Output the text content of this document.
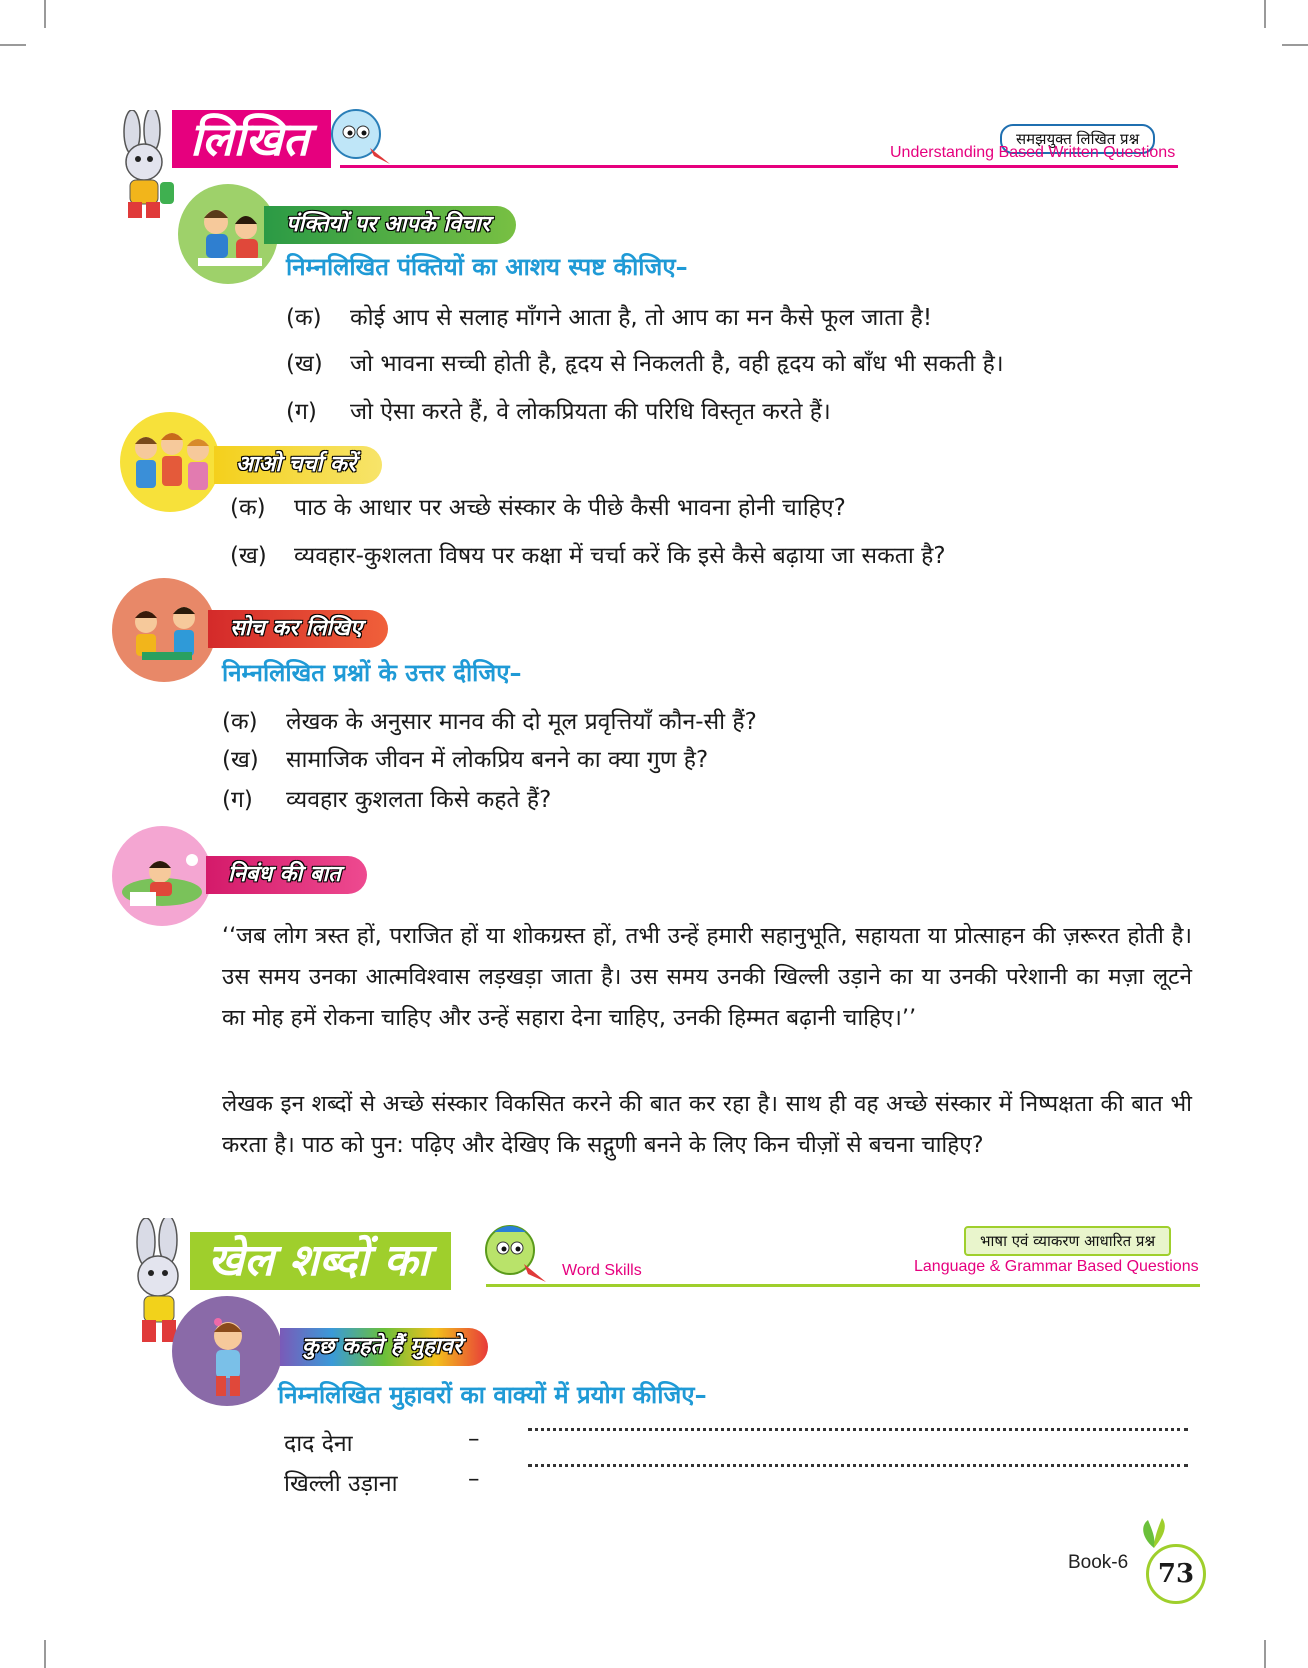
लिखित	समझयुक्त लिखित प्रश्न
Understanding Based Written Questions
पंक्तियों पर आपके विचार
निम्नलिखित पंक्तियों का आशय स्पष्ट कीजिए–
(क) कोई आप से सलाह माँगने आता है, तो आप का मन कैसे फूल जाता है!
(ख) जो भावना सच्ची होती है, हृदय से निकलती है, वही हृदय को बाँध भी सकती है।
(ग) जो ऐसा करते हैं, वे लोकप्रियता की परिधि विस्तृत करते हैं।
आओ चर्चा करें
(क) पाठ के आधार पर अच्छे संस्कार के पीछे कैसी भावना होनी चाहिए?
(ख) व्यवहार-कुशलता विषय पर कक्षा में चर्चा करें कि इसे कैसे बढ़ाया जा सकता है?
सोच कर लिखिए
निम्नलिखित प्रश्नों के उत्तर दीजिए–
(क) लेखक के अनुसार मानव की दो मूल प्रवृत्तियाँ कौन-सी हैं?
(ख) सामाजिक जीवन में लोकप्रिय बनने का क्या गुण है?
(ग) व्यवहार कुशलता किसे कहते हैं?
निबंध की बात
‘‘जब लोग त्रस्त हों, पराजित हों या शोकग्रस्त हों, तभी उन्हें हमारी सहानुभूति, सहायता या प्रोत्साहन की ज़रूरत होती है। उस समय उनका आत्मविश्वास लड़खड़ा जाता है। उस समय उनकी खिल्ली उड़ाने का या उनकी परेशानी का मज़ा लूटने का मोह हमें रोकना चाहिए और उन्हें सहारा देना चाहिए, उनकी हिम्मत बढ़ानी चाहिए।’’
लेखक इन शब्दों से अच्छे संस्कार विकसित करने की बात कर रहा है। साथ ही वह अच्छे संस्कार में निष्पक्षता की बात भी करता है। पाठ को पुन: पढ़िए और देखिए कि सद्गुणी बनने के लिए किन चीज़ों से बचना चाहिए?
खेल शब्दों का	Word Skills
भाषा एवं व्याकरण आधारित प्रश्न
Language & Grammar Based Questions
कुछ कहते हैं मुहावरे
निम्नलिखित मुहावरों का वाक्यों में प्रयोग कीजिए–
दाद देना	–
खिल्ली उड़ाना	–
Book-6	73
